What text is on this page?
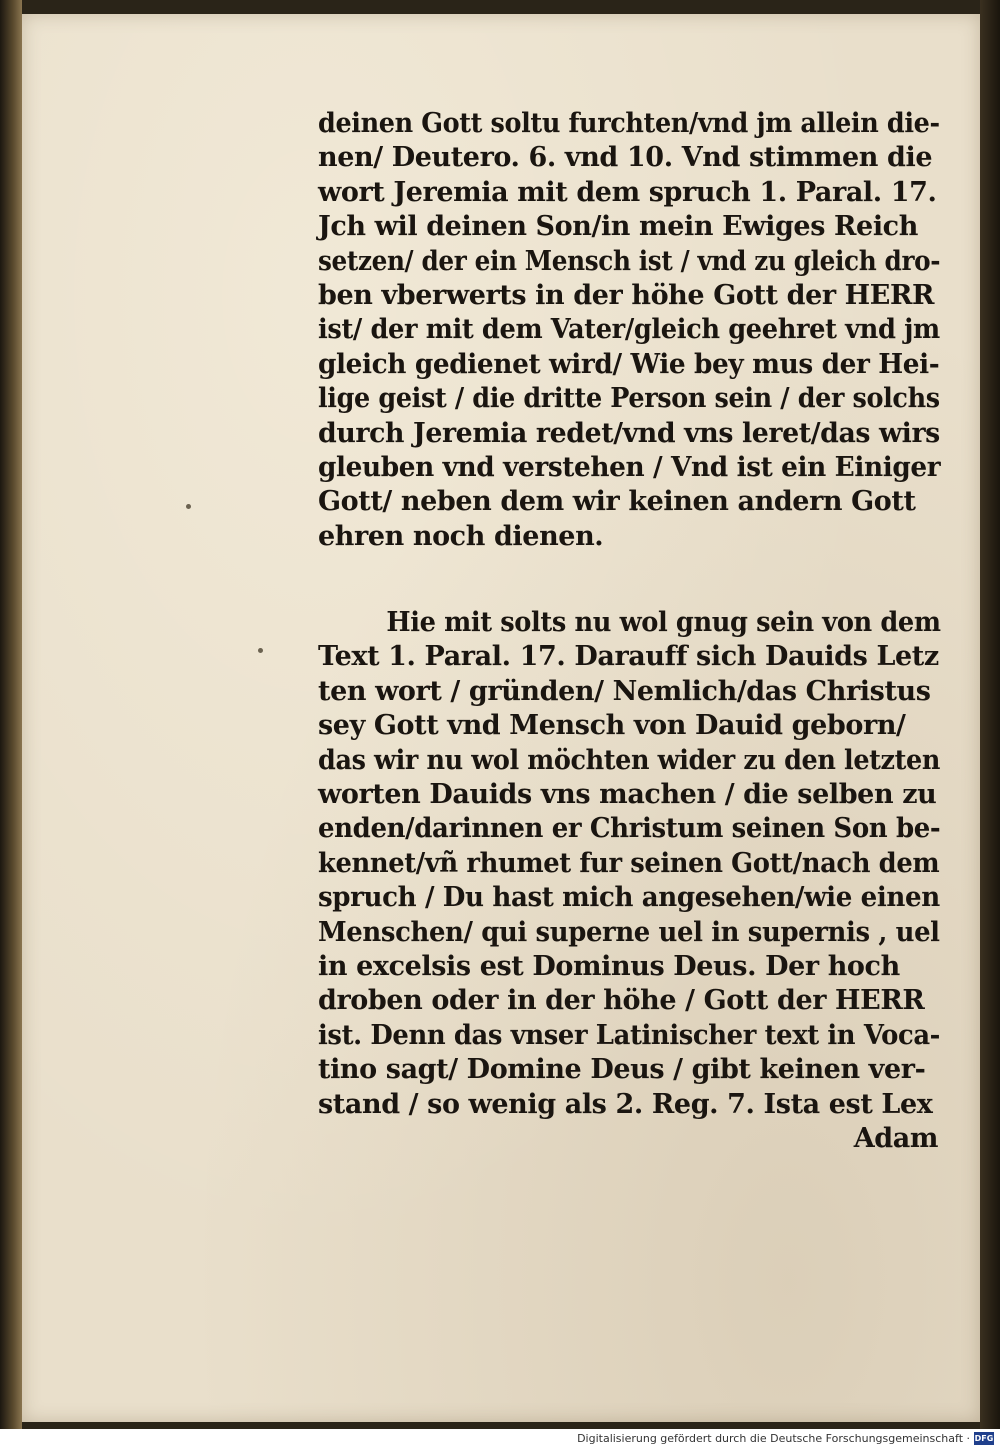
deinen Gott soltu furchten/vnd jm allein die-
nen/ Deutero. 6. vnd 10. Vnd stimmen die
wort Jeremia mit dem spruch 1. Paral. 17.
Jch wil deinen Son/in mein Ewiges Reich
setzen/ der ein Mensch ist / vnd zu gleich dro-
ben vberwerts in der höhe Gott der HERR
ist/ der mit dem Vater/gleich geehret vnd jm
gleich gedienet wird/ Wie bey mus der Hei-
lige geist / die dritte Person sein / der solchs
durch Jeremia redet/vnd vns leret/das wirs
gleuben vnd verstehen / Vnd ist ein Einiger
Gott/ neben dem wir keinen andern Gott
ehren noch dienen.
Hie mit solts nu wol gnug sein von dem
Text 1. Paral. 17. Darauff sich Dauids Letz
ten wort / gründen/ Nemlich/das Christus
sey Gott vnd Mensch von Dauid geborn/
das wir nu wol möchten wider zu den letzten
worten Dauids vns machen / die selben zu
enden/darinnen er Christum seinen Son be-
kennet/vñ rhumet fur seinen Gott/nach dem
spruch / Du hast mich angesehen/wie einen
Menschen/ qui superne uel in supernis , uel
in excelsis est Dominus Deus. Der hoch
droben oder in der höhe / Gott der HERR
ist. Denn das vnser Latinischer text in Voca-
tino sagt/ Domine Deus / gibt keinen ver-
stand / so wenig als 2. Reg. 7. Ista est Lex
Adam
Digitalisierung gefördert durch die Deutsche Forschungsgemeinschaft · DFG
